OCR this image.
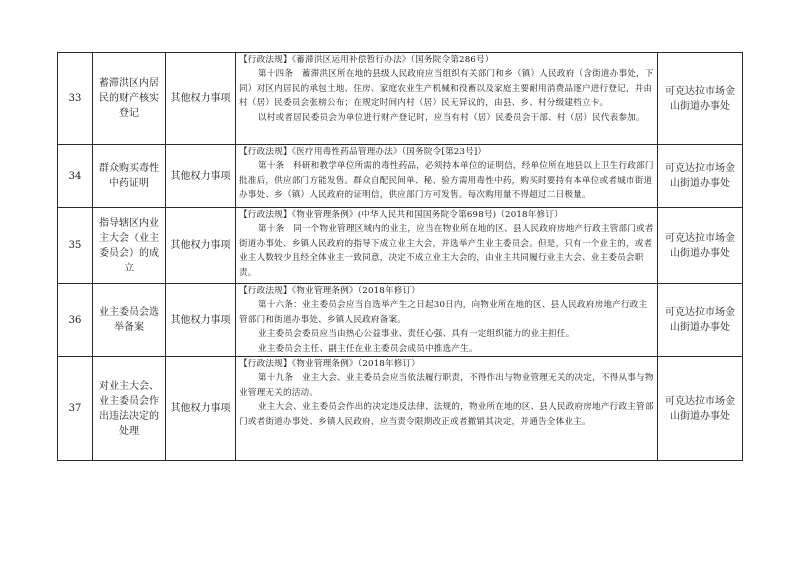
33	蓄滞洪区内居民的财产核实登记	其他权力事项	【行政法规】《蓄滞洪区运用补偿暂行办法》（国务院令第286号）

第十四条　蓄滞洪区所在地的县级人民政府应当组织有关部门和乡（镇）人民政府（含街道办事处，下同）对区内居民的承包土地、住房、家庭农业生产机械和役畜以及家庭主要耐用消费品逐户进行登记，并由村（居）民委员会张榜公布；在规定时间内村（居）民无异议的，由县、乡、村分级建档立卡。

以村或者居民委员会为单位进行财产登记时，应当有村（居）民委员会干部、村（居）民代表参加。	可克达拉市场金山街道办事处
34	群众购买毒性中药证明	其他权力事项	【行政法规】《医疗用毒性药品管理办法》（国务院令[第23号]）

第十条　科研和教学单位所需的毒性药品，必须持本单位的证明信，经单位所在地县以上卫生行政部门批准后，供应部门方能发售。群众自配民间单、秘、验方需用毒性中药，购买时要持有本单位或者城市街道办事处、乡（镇）人民政府的证明信，供应部门方可发售。每次购用量不得超过二日极量。	可克达拉市场金山街道办事处
35	指导辖区内业主大会（业主委员会）的成立	其他权力事项	【行政法规】《物业管理条例》(中华人民共和国国务院令第698号)（2018年修订）

第十条　同一个物业管理区域内的业主，应当在物业所在地的区、县人民政府房地产行政主管部门或者街道办事处、乡镇人民政府的指导下成立业主大会，并选举产生业主委员会。但是，只有一个业主的，或者业主人数较少且经全体业主一致同意，决定不成立业主大会的，由业主共同履行业主大会、业主委员会职责。	可克达拉市场金山街道办事处
36	业主委员会选举备案	其他权力事项	【行政法规】《物业管理条例》（2018年修订）

第十六条：业主委员会应当自选举产生之日起30日内，向物业所在地的区、县人民政府房地产行政主管部门和街道办事处、乡镇人民政府备案。

业主委员会委员应当由热心公益事业、责任心强、具有一定组织能力的业主担任。

业主委员会主任、副主任在业主委员会成员中推选产生。	可克达拉市场金山街道办事处
37	对业主大会、业主委员会作出违法决定的处理	其他权力事项	【行政法规】《物业管理条例》（2018年修订）

第十九条　业主大会、业主委员会应当依法履行职责，不得作出与物业管理无关的决定，不得从事与物业管理无关的活动。

业主大会、业主委员会作出的决定违反法律、法规的，物业所在地的区、县人民政府房地产行政主管部门或者街道办事处、乡镇人民政府，应当责令限期改正或者撤销其决定，并通告全体业主。	可克达拉市场金山街道办事处
